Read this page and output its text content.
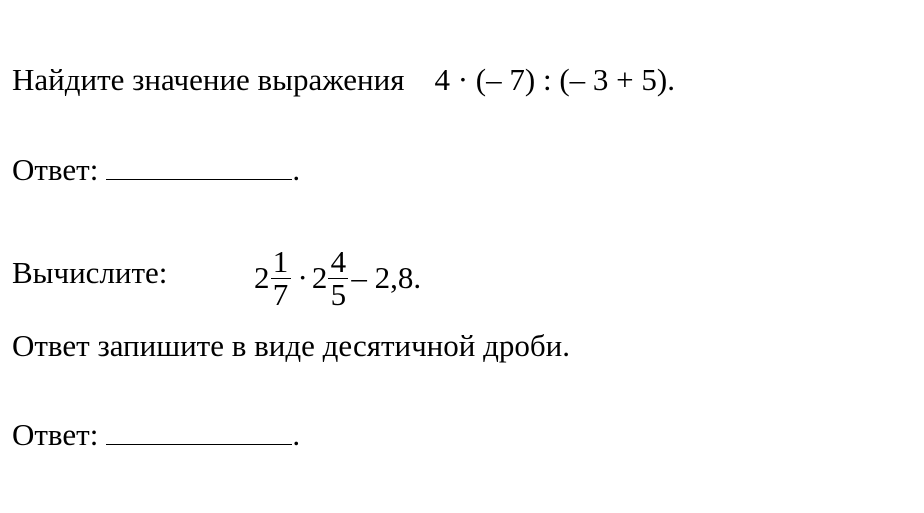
Найдите значение выражения 4 · (– 7) : (– 3 + 5).
Ответ:	.
Вычислите:	$2 \frac{1}{7} \cdot 2 \frac{4}{5} - 2,8$.
Ответ запишите в виде десятичной дроби.
Ответ:	.
